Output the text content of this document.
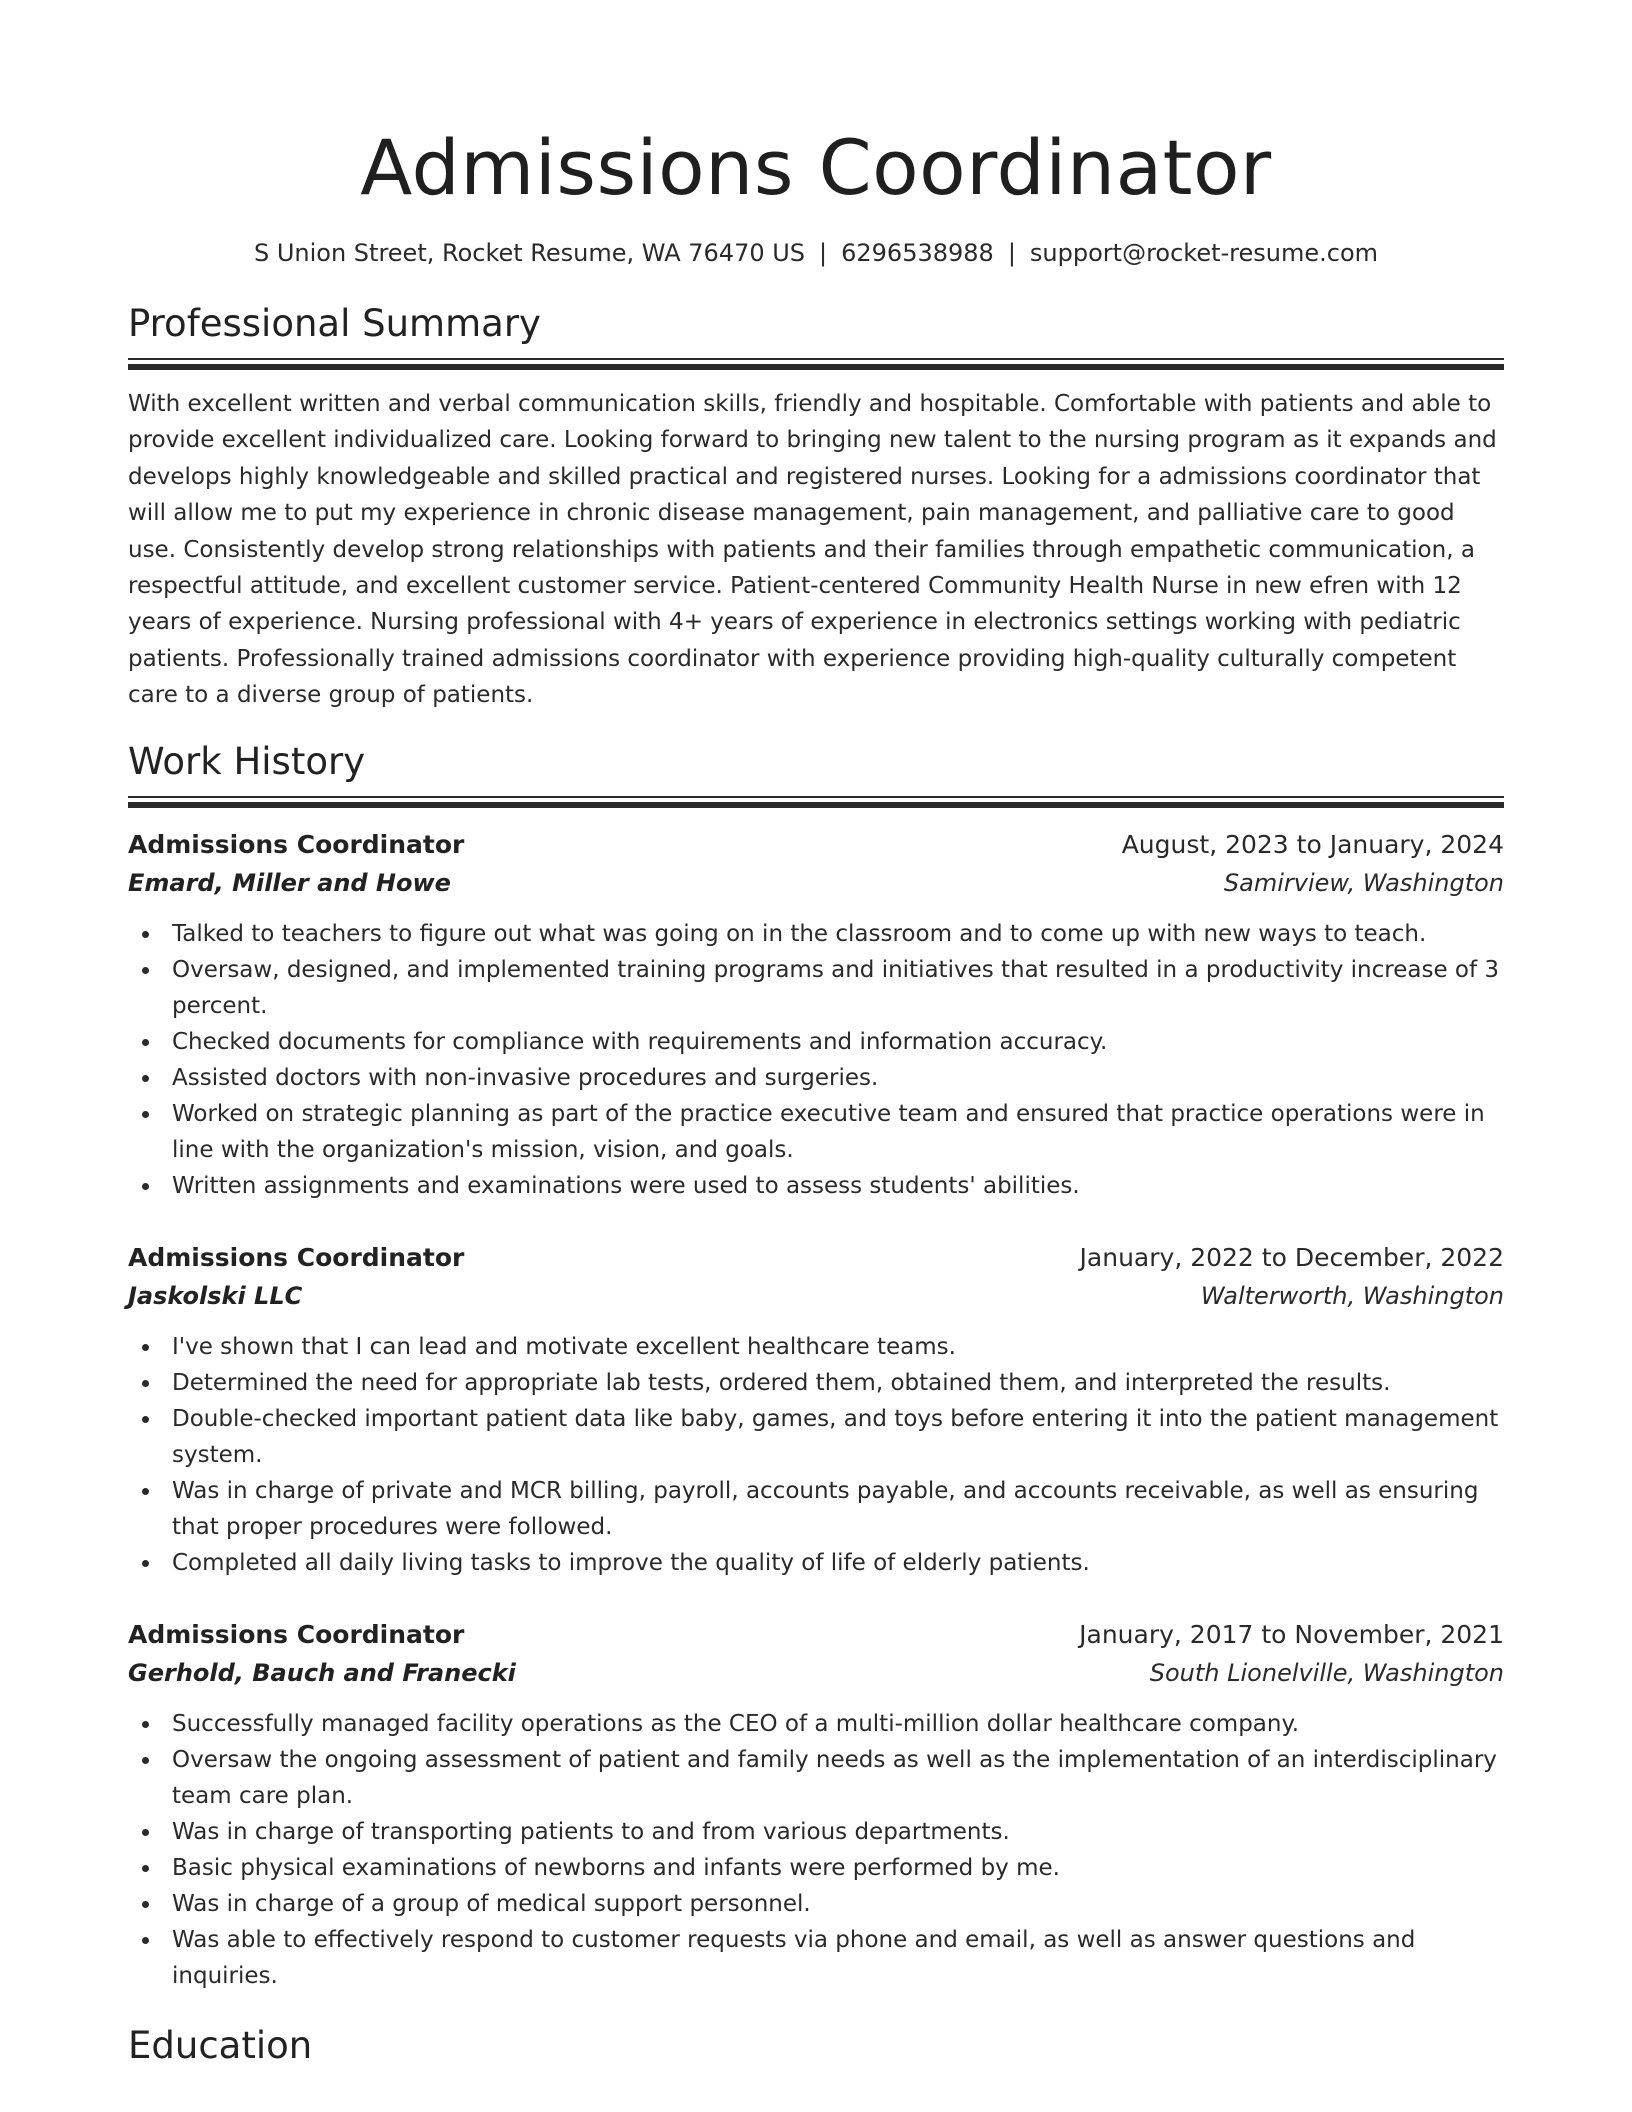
Admissions Coordinator
S Union Street, Rocket Resume, WA 76470 US | 6296538988 | support@rocket-resume.com
Professional Summary

With excellent written and verbal communication skills, friendly and hospitable. Comfortable with patients and able to provide excellent individualized care. Looking forward to bringing new talent to the nursing program as it expands and develops highly knowledgeable and skilled practical and registered nurses. Looking for a admissions coordinator that will allow me to put my experience in chronic disease management, pain management, and palliative care to good use. Consistently develop strong relationships with patients and their families through empathetic communication, a respectful attitude, and excellent customer service. Patient-centered Community Health Nurse in new efren with 12 years of experience. Nursing professional with 4+ years of experience in electronics settings working with pediatric patients. Professionally trained admissions coordinator with experience providing high-quality culturally competent care to a diverse group of patients.

Work History
Admissions Coordinator	August, 2023 to January, 2024
Emard, Miller and Howe	Samirview, Washington
Talked to teachers to figure out what was going on in the classroom and to come up with new ways to teach.
Oversaw, designed, and implemented training programs and initiatives that resulted in a productivity increase of 3 percent.
Checked documents for compliance with requirements and information accuracy.
Assisted doctors with non-invasive procedures and surgeries.
Worked on strategic planning as part of the practice executive team and ensured that practice operations were in line with the organization's mission, vision, and goals.
Written assignments and examinations were used to assess students' abilities.
Admissions Coordinator	January, 2022 to December, 2022
Jaskolski LLC	Walterworth, Washington
I've shown that I can lead and motivate excellent healthcare teams.
Determined the need for appropriate lab tests, ordered them, obtained them, and interpreted the results.
Double-checked important patient data like baby, games, and toys before entering it into the patient management system.
Was in charge of private and MCR billing, payroll, accounts payable, and accounts receivable, as well as ensuring that proper procedures were followed.
Completed all daily living tasks to improve the quality of life of elderly patients.
Admissions Coordinator	January, 2017 to November, 2021
Gerhold, Bauch and Franecki	South Lionelville, Washington
Successfully managed facility operations as the CEO of a multi-million dollar healthcare company.
Oversaw the ongoing assessment of patient and family needs as well as the implementation of an interdisciplinary team care plan.
Was in charge of transporting patients to and from various departments.
Basic physical examinations of newborns and infants were performed by me.
Was in charge of a group of medical support personnel.
Was able to effectively respond to customer requests via phone and email, as well as answer questions and inquiries.
Education
